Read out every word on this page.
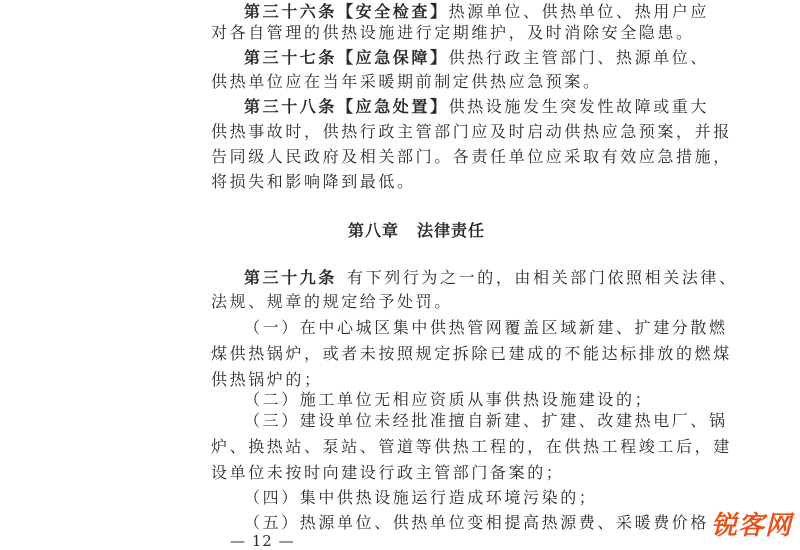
第三十六条【安全检查】热源单位、供热单位、热用户应
对各自管理的供热设施进行定期维护，及时消除安全隐患。
第三十七条【应急保障】供热行政主管部门、热源单位、
供热单位应在当年采暖期前制定供热应急预案。
第三十八条【应急处置】供热设施发生突发性故障或重大
供热事故时，供热行政主管部门应及时启动供热应急预案，并报
告同级人民政府及相关部门。各责任单位应采取有效应急措施，
将损失和影响降到最低。
第八章 法律责任
第三十九条 有下列行为之一的，由相关部门依照相关法律、
法规、规章的规定给予处罚。
（一）在中心城区集中供热管网覆盖区域新建、扩建分散燃
煤供热锅炉，或者未按照规定拆除已建成的不能达标排放的燃煤
供热锅炉的；
（二）施工单位无相应资质从事供热设施建设的；
（三）建设单位未经批准擅自新建、扩建、改建热电厂、锅
炉、换热站、泵站、管道等供热工程的，在供热工程竣工后，建
设单位未按时向建设行政主管部门备案的；
— 12 —	锐客网
（四）集中供热设施运行造成环境污染的；
（五）热源单位、供热单位变相提高热源费、采暖费价格
